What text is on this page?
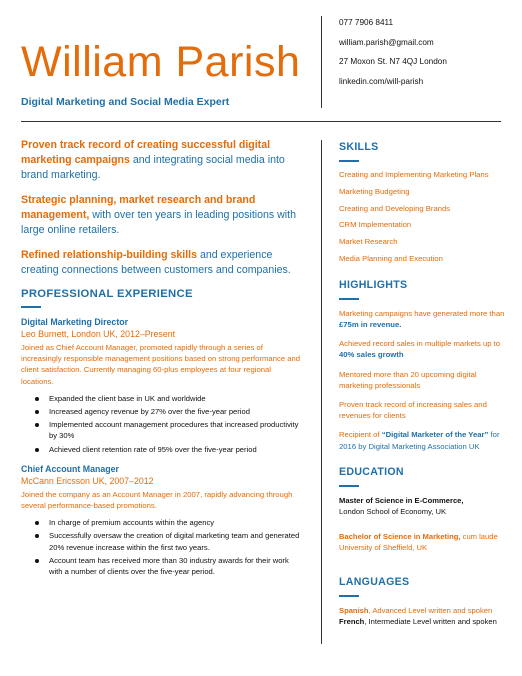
William Parish
Digital Marketing and Social Media Expert
077 7906 8411
william.parish@gmail.com
27 Moxon St. N7 4QJ London
linkedin.com/will-parish

Proven track record of creating successful digital marketing campaigns and integrating social media into brand marketing.

Strategic planning, market research and brand management, with over ten years in leading positions with large online retailers.

Refined relationship-building skills and experience creating connections between customers and companies.

PROFESSIONAL EXPERIENCE
Digital Marketing Director
Leo Burnett, London UK, 2012–Present
Joined as Chief Account Manager, promoted rapidly through a series of increasingly responsible management positions based on strong performance and client satisfaction. Currently managing 60-plus employees at four regional locations.
Expanded the client base in UK and worldwide
Increased agency revenue by 27% over the five-year period
Implemented account management procedures that increased productivity by 30%
Achieved client retention rate of 95% over the five-year period
Chief Account Manager
McCann Ericsson UK, 2007–2012
Joined the company as an Account Manager in 2007, rapidly advancing through several performance-based promotions.
In charge of premium accounts within the agency
Successfully oversaw the creation of digital marketing team and generated 20% revenue increase within the first two years.
Account team has received more than 30 industry awards for their work with a number of clients over the five-year period.
SKILLS
Creating and Implementing Marketing Plans
Marketing Budgeting
Creating and Developing Brands
CRM Implementation
Market Research
Media Planning and Execution
HIGHLIGHTS
Marketing campaigns have generated more than £75m in revenue.
Achieved record sales in multiple markets up to 40% sales growth
Mentored more than 20 upcoming digital marketing professionals
Proven track record of increasing sales and revenues for clients
Recipient of “Digital Marketer of the Year” for 2016 by Digital Marketing Association UK
EDUCATION
Master of Science in E-Commerce,
London School of Economy, UK
Bachelor of Science in Marketing, cum laude
University of Sheffield, UK
LANGUAGES
Spanish, Advanced Level written and spoken
French, Intermediate Level written and spoken
